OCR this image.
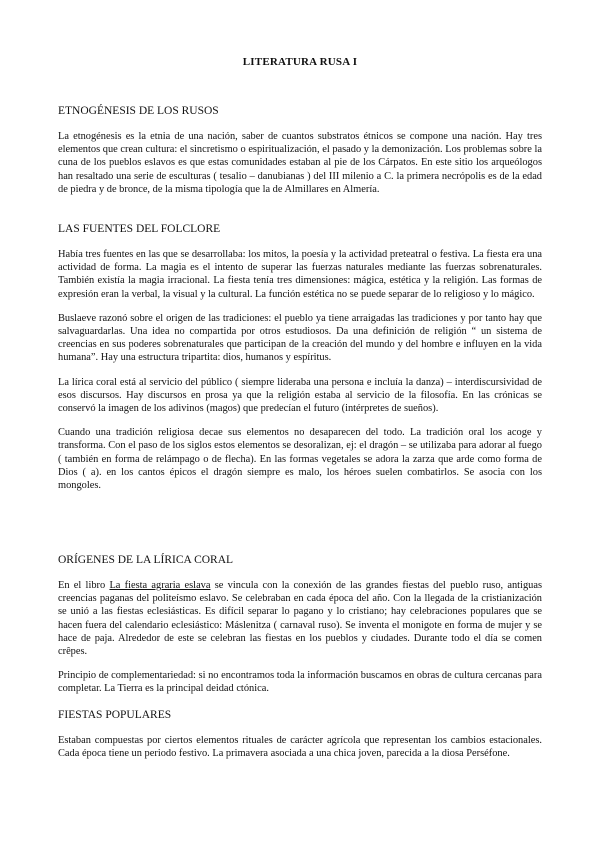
LITERATURA RUSA I
ETNOGÉNESIS DE LOS RUSOS

La etnogénesis es la etnia de una nación, saber de cuantos substratos étnicos se compone una nación. Hay tres elementos que crean cultura: el sincretismo o espiritualización, el pasado y la demonización. Los problemas sobre la cuna de los pueblos eslavos es que estas comunidades estaban al pie de los Cárpatos. En este sitio los arqueólogos han resaltado una serie de esculturas ( tesalio – danubianas ) del III milenio a C. la primera necrópolis es de la edad de piedra y de bronce, de la misma tipología que la de Almillares en Almería.

LAS FUENTES DEL FOLCLORE

Había tres fuentes en las que se desarrollaba: los mitos, la poesía y la actividad preteatral o festiva. La fiesta era una actividad de forma. La magia es el intento de superar las fuerzas naturales mediante las fuerzas sobrenaturales. También existía la magia irracional. La fiesta tenía tres dimensiones: mágica, estética y la religión. Las formas de expresión eran la verbal, la visual y la cultural. La función estética no se puede separar de lo religioso y lo mágico.

Buslaeve razonó sobre el origen de las tradiciones: el pueblo ya tiene arraigadas las tradiciones y por tanto hay que salvaguardarlas. Una idea no compartida por otros estudiosos. Da una definición de religión “ un sistema de creencias en sus poderes sobrenaturales que participan de la creación del mundo y del hombre e influyen en la vida humana”. Hay una estructura tripartita: dios, humanos y espíritus.

La lírica coral está al servicio del público ( siempre lideraba una persona e incluía la danza) – interdiscursividad de esos discursos. Hay discursos en prosa ya que la religión estaba al servicio de la filosofía. En las crónicas se conservó la imagen de los adivinos (magos) que predecían el futuro (intérpretes de sueños).

Cuando una tradición religiosa decae sus elementos no desaparecen del todo. La tradición oral los acoge y transforma. Con el paso de los siglos estos elementos se desoralizan, ej: el dragón – se utilizaba para adorar al fuego ( también en forma de relámpago o de flecha). En las formas vegetales se adora la zarza que arde como forma de Dios ( a). en los cantos épicos el dragón siempre es malo, los héroes suelen combatirlos. Se asocia con los mongoles.

ORÍGENES DE LA LÍRICA CORAL

En el libro La fiesta agraria eslava se vincula con la conexión de las grandes fiestas del pueblo ruso, antiguas creencias paganas del politeísmo eslavo. Se celebraban en cada época del año. Con la llegada de la cristianización se unió a las fiestas eclesiásticas. Es difícil separar lo pagano y lo cristiano; hay celebraciones populares que se hacen fuera del calendario eclesiástico: Máslenitza ( carnaval ruso). Se inventa el monigote en forma de mujer y se hace de paja. Alrededor de este se celebran las fiestas en los pueblos y ciudades. Durante todo el día se comen crêpes.

Principio de complementariedad: si no encontramos toda la información buscamos en obras de cultura cercanas para completar. La Tierra es la principal deidad ctónica.

FIESTAS POPULARES

Estaban compuestas por ciertos elementos rituales de carácter agrícola que representan los cambios estacionales. Cada época tiene un periodo festivo. La primavera asociada a una chica joven, parecida a la diosa Perséfone.
